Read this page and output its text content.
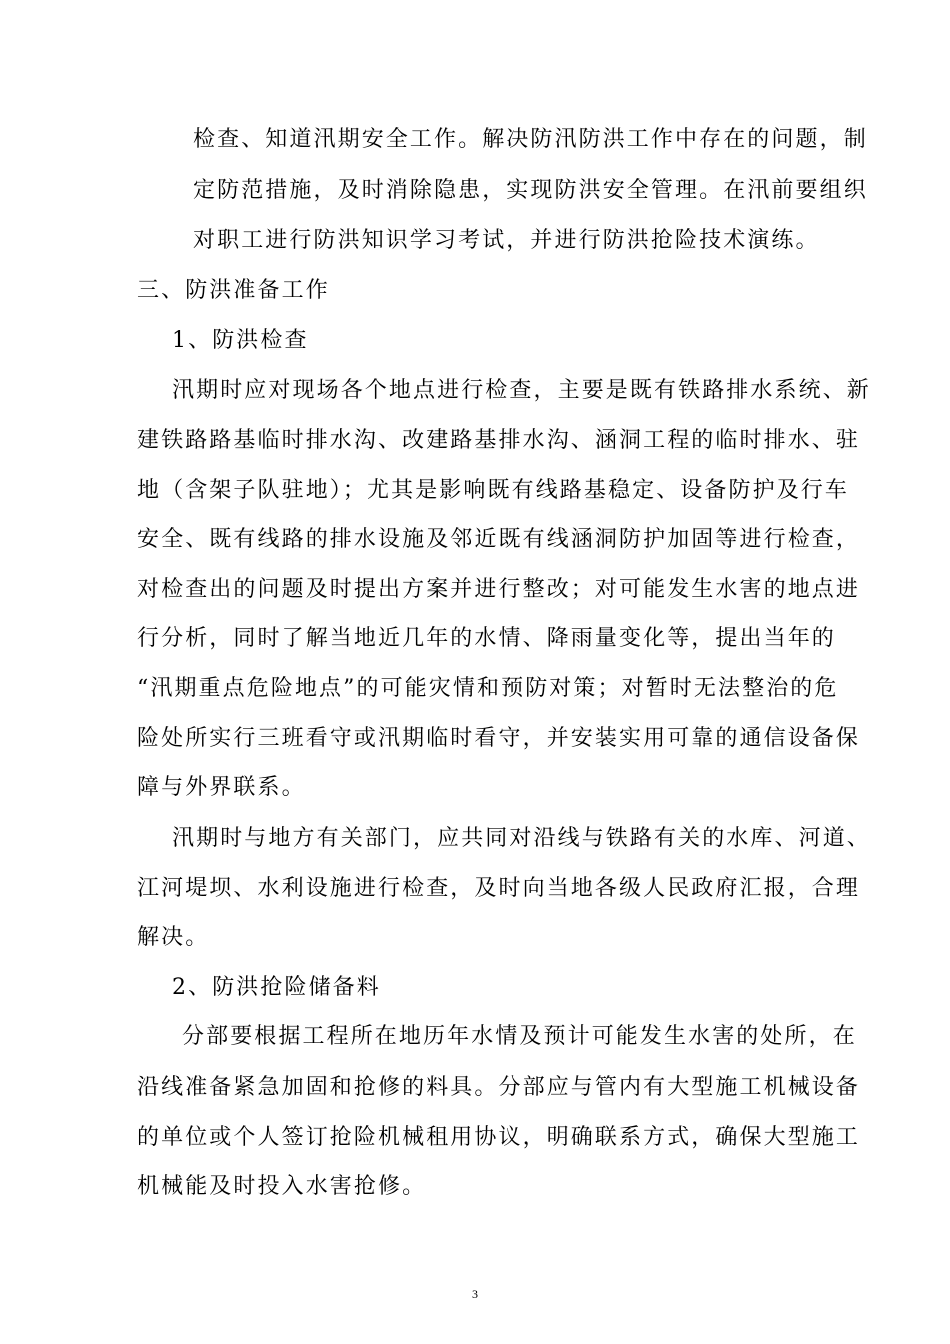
检查、知道汛期安全工作。解决防汛防洪工作中存在的问题，制

定防范措施，及时消除隐患，实现防洪安全管理。在汛前要组织

对职工进行防洪知识学习考试，并进行防洪抢险技术演练。

三、防洪准备工作
1、防洪检查

汛期时应对现场各个地点进行检查，主要是既有铁路排水系统、新

建铁路路基临时排水沟、改建路基排水沟、涵洞工程的临时排水、驻

地（含架子队驻地）；尤其是影响既有线路基稳定、设备防护及行车

安全、既有线路的排水设施及邻近既有线涵洞防护加固等进行检查，

对检查出的问题及时提出方案并进行整改；对可能发生水害的地点进

行分析，同时了解当地近几年的水情、降雨量变化等，提出当年的

“汛期重点危险地点”的可能灾情和预防对策；对暂时无法整治的危

险处所实行三班看守或汛期临时看守，并安装实用可靠的通信设备保

障与外界联系。

汛期时与地方有关部门，应共同对沿线与铁路有关的水库、河道、

江河堤坝、水利设施进行检查，及时向当地各级人民政府汇报，合理

解决。

2、防洪抢险储备料

分部要根据工程所在地历年水情及预计可能发生水害的处所，在

沿线准备紧急加固和抢修的料具。分部应与管内有大型施工机械设备

的单位或个人签订抢险机械租用协议，明确联系方式，确保大型施工

机械能及时投入水害抢修。

3
